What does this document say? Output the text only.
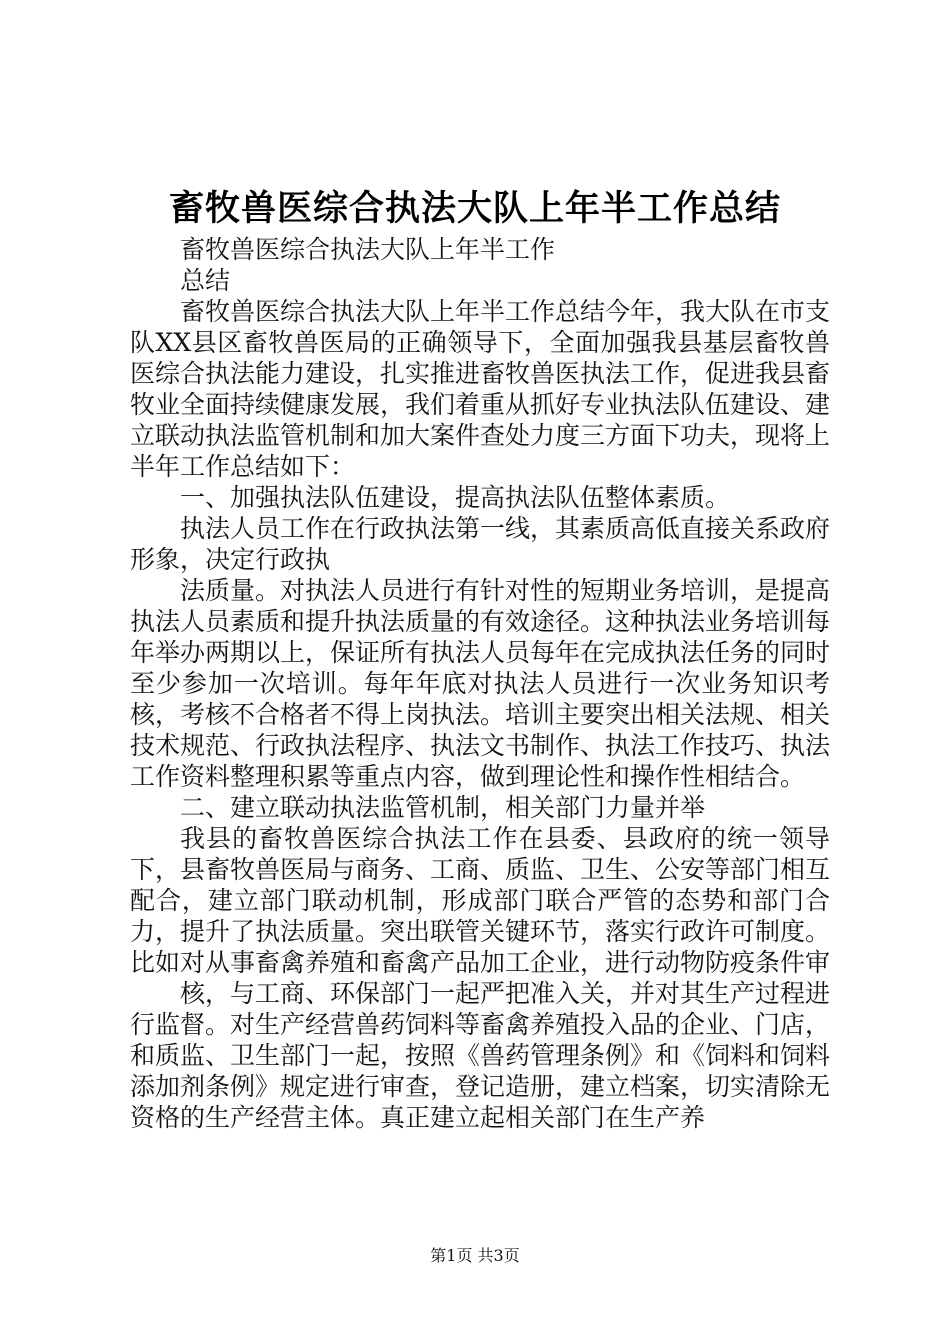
畜牧兽医综合执法大队上年半工作总结

畜牧兽医综合执法大队上年半工作

总结

畜牧兽医综合执法大队上年半工作总结今年，我大队在市支队XX县区畜牧兽医局的正确领导下，全面加强我县基层畜牧兽医综合执法能力建设，扎实推进畜牧兽医执法工作，促进我县畜牧业全面持续健康发展，我们着重从抓好专业执法队伍建设、建立联动执法监管机制和加大案件查处力度三方面下功夫，现将上半年工作总结如下：

一、加强执法队伍建设，提高执法队伍整体素质。

执法人员工作在行政执法第一线，其素质高低直接关系政府形象，决定行政执

法质量。对执法人员进行有针对性的短期业务培训，是提高执法人员素质和提升执法质量的有效途径。这种执法业务培训每年举办两期以上，保证所有执法人员每年在完成执法任务的同时至少参加一次培训。每年年底对执法人员进行一次业务知识考核，考核不合格者不得上岗执法。培训主要突出相关法规、相关技术规范、行政执法程序、执法文书制作、执法工作技巧、执法工作资料整理积累等重点内容，做到理论性和操作性相结合。

二、建立联动执法监管机制，相关部门力量并举

我县的畜牧兽医综合执法工作在县委、县政府的统一领导下，县畜牧兽医局与商务、工商、质监、卫生、公安等部门相互配合，建立部门联动机制，形成部门联合严管的态势和部门合力，提升了执法质量。突出联管关键环节，落实行政许可制度。比如对从事畜禽养殖和畜禽产品加工企业，进行动物防疫条件审

核，与工商、环保部门一起严把准入关，并对其生产过程进行监督。对生产经营兽药饲料等畜禽养殖投入品的企业、门店，和质监、卫生部门一起，按照《兽药管理条例》和《饲料和饲料添加剂条例》规定进行审查，登记造册，建立档案，切实清除无资格的生产经营主体。真正建立起相关部门在生产养

第1页 共3页
